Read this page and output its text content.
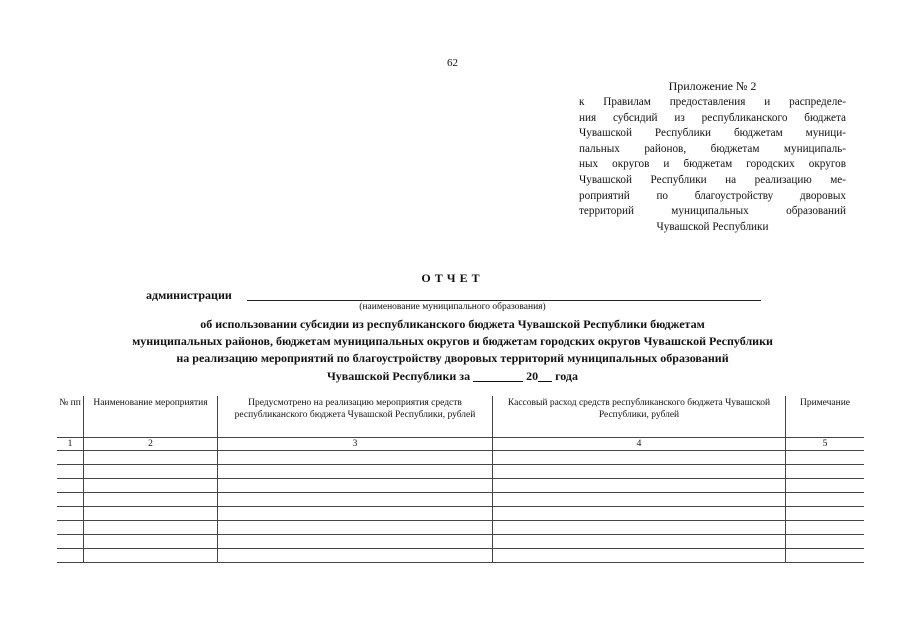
62
Приложение № 2
к Правилам предоставления и распределе-
ния субсидий из республиканского бюджета
Чувашской Республики бюджетам муници-
пальных районов, бюджетам муниципаль-
ных округов и бюджетам городских округов
Чувашской Республики на реализацию ме-
роприятий по благоустройству дворовых
территорий муниципальных образований
Чувашской Республики
ОТЧЕТ
администрации
(наименование муниципального образования)
об использовании субсидии из республиканского бюджета Чувашской Республики бюджетам
муниципальных районов, бюджетам муниципальных округов и бюджетам городских округов Чувашской Республики
на реализацию мероприятий по благоустройству дворовых территорий муниципальных образований
Чувашской Республики за	20 года
№ пп	Наименование мероприятия	Предусмотрено на реализацию мероприятия средств республиканского бюджета Чувашской Республики, рублей	Кассовый расход средств республиканского бюджета Чувашской Республики, рублей	Примечание
1	2	3	4	5
